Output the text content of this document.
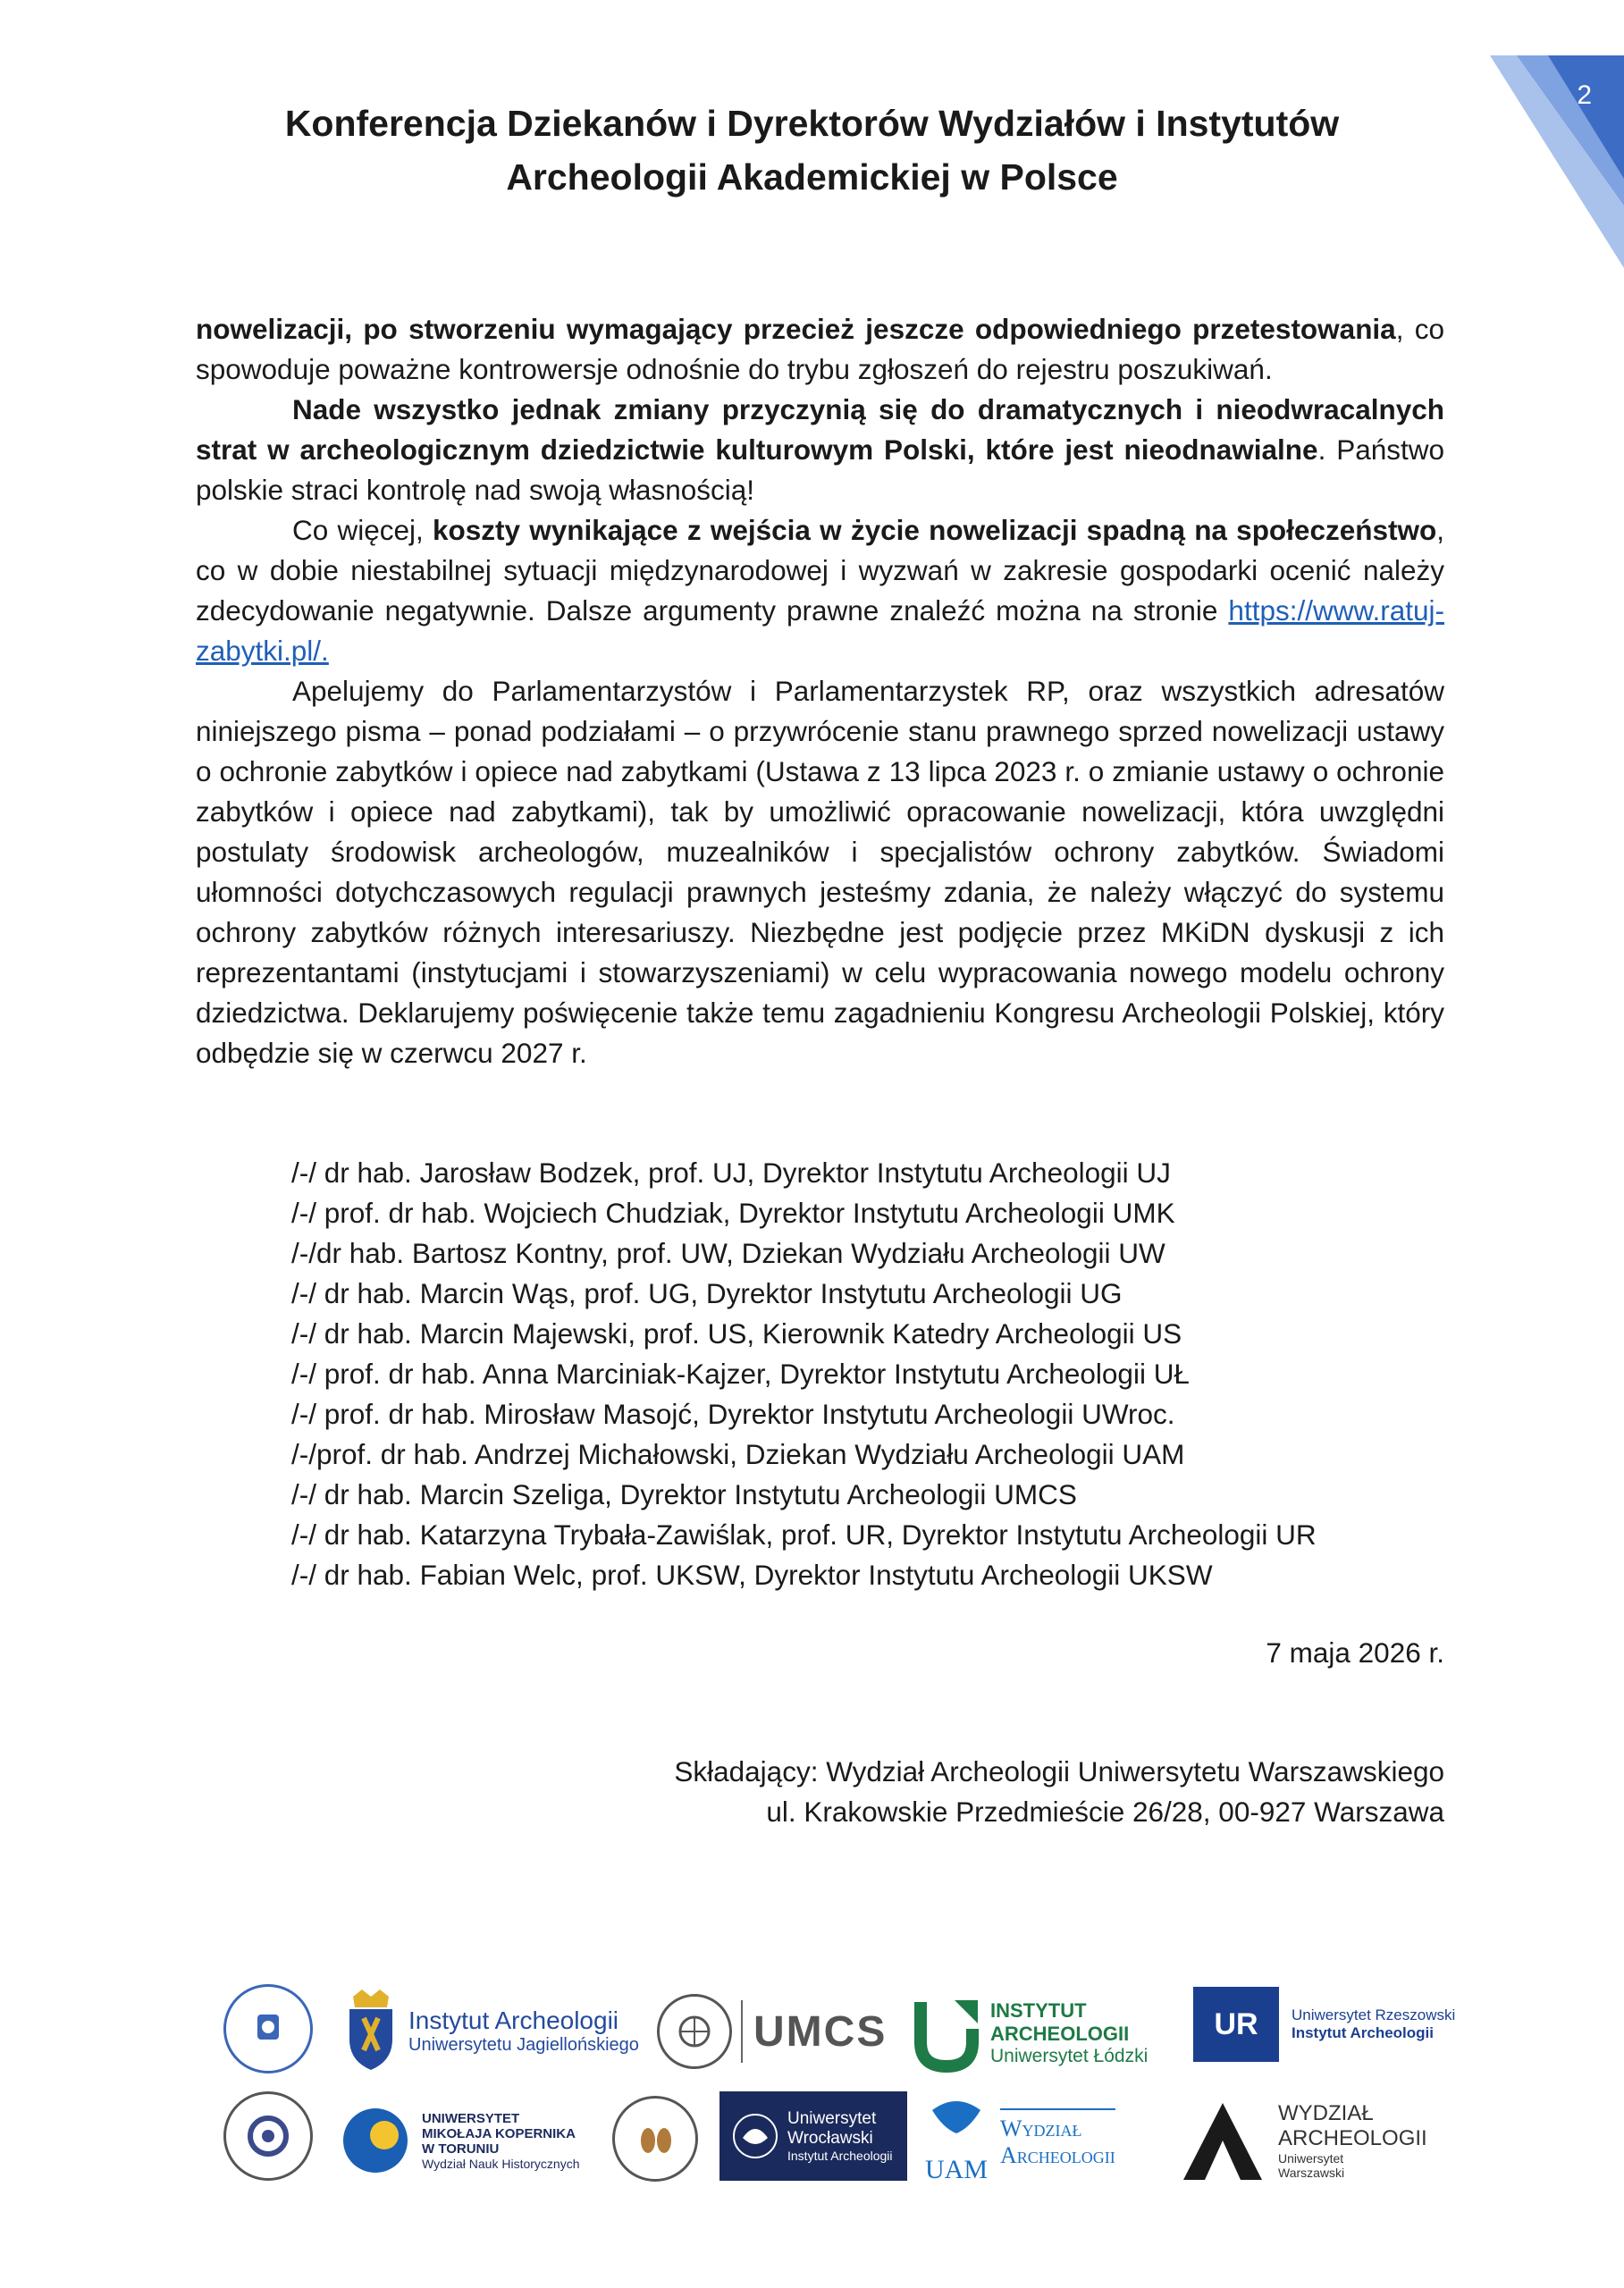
2
Konferencja Dziekanów i Dyrektorów Wydziałów i Instytutów
Archeologii Akademickiej w Polsce

nowelizacji, po stworzeniu wymagający przecież jeszcze odpowiedniego przetestowania, co spowoduje poważne kontrowersje odnośnie do trybu zgłoszeń do rejestru poszukiwań.

Nade wszystko jednak zmiany przyczynią się do dramatycznych i nieodwracalnych strat w archeologicznym dziedzictwie kulturowym Polski, które jest nieodnawialne. Państwo polskie straci kontrolę nad swoją własnością!

Co więcej, koszty wynikające z wejścia w życie nowelizacji spadną na społeczeństwo, co w dobie niestabilnej sytuacji międzynarodowej i wyzwań w zakresie gospodarki ocenić należy zdecydowanie negatywnie. Dalsze argumenty prawne znaleźć można na stronie https://www.ratuj-zabytki.pl/.

Apelujemy do Parlamentarzystów i Parlamentarzystek RP, oraz wszystkich adresatów niniejszego pisma – ponad podziałami – o przywrócenie stanu prawnego sprzed nowelizacji ustawy o ochronie zabytków i opiece nad zabytkami (Ustawa z 13 lipca 2023 r. o zmianie ustawy o ochronie zabytków i opiece nad zabytkami), tak by umożliwić opracowanie nowelizacji, która uwzględni postulaty środowisk archeologów, muzealników i specjalistów ochrony zabytków. Świadomi ułomności dotychczasowych regulacji prawnych jesteśmy zdania, że należy włączyć do systemu ochrony zabytków różnych interesariuszy. Niezbędne jest podjęcie przez MKiDN dyskusji z ich reprezentantami (instytucjami i stowarzyszeniami) w celu wypracowania nowego modelu ochrony dziedzictwa. Deklarujemy poświęcenie także temu zagadnieniu Kongresu Archeologii Polskiej, który odbędzie się w czerwcu 2027 r.

/-/ dr hab. Jarosław Bodzek, prof. UJ, Dyrektor Instytutu Archeologii UJ
/-/ prof. dr hab. Wojciech Chudziak, Dyrektor Instytutu Archeologii UMK
/-/dr hab. Bartosz Kontny, prof. UW, Dziekan Wydziału Archeologii UW
/-/ dr hab. Marcin Wąs, prof. UG, Dyrektor Instytutu Archeologii UG
/-/ dr hab. Marcin Majewski, prof. US, Kierownik Katedry Archeologii US
/-/ prof. dr hab. Anna Marciniak-Kajzer, Dyrektor Instytutu Archeologii UŁ
/-/ prof. dr hab. Mirosław Masojć, Dyrektor Instytutu Archeologii UWroc.
/-/prof. dr hab. Andrzej Michałowski, Dziekan Wydziału Archeologii UAM
/-/ dr hab. Marcin Szeliga, Dyrektor Instytutu Archeologii UMCS
/-/ dr hab. Katarzyna Trybała-Zawiślak, prof. UR, Dyrektor Instytutu Archeologii UR
/-/ dr hab. Fabian Welc, prof. UKSW, Dyrektor Instytutu Archeologii UKSW
7 maja 2026 r.
Składający: Wydział Archeologii Uniwersytetu Warszawskiego
ul. Krakowskie Przedmieście 26/28, 00-927 Warszawa
Instytut Archeologii
Uniwersytetu Jagiellońskiego	UMCS	INSTYTUT
ARCHEOLOGII
Uniwersytet Łódzki
UR	Uniwersytet Rzeszowski
Instytut Archeologii
UNIWERSYTET
MIKOŁAJA KOPERNIKA
W TORUNIU
Wydział Nauk Historycznych
Uniwersytet
Wrocławski
Instytut Archeologii UAM
Wydział
Archeologii
WYDZIAŁ
ARCHEOLOGII
Uniwersytet
Warszawski
